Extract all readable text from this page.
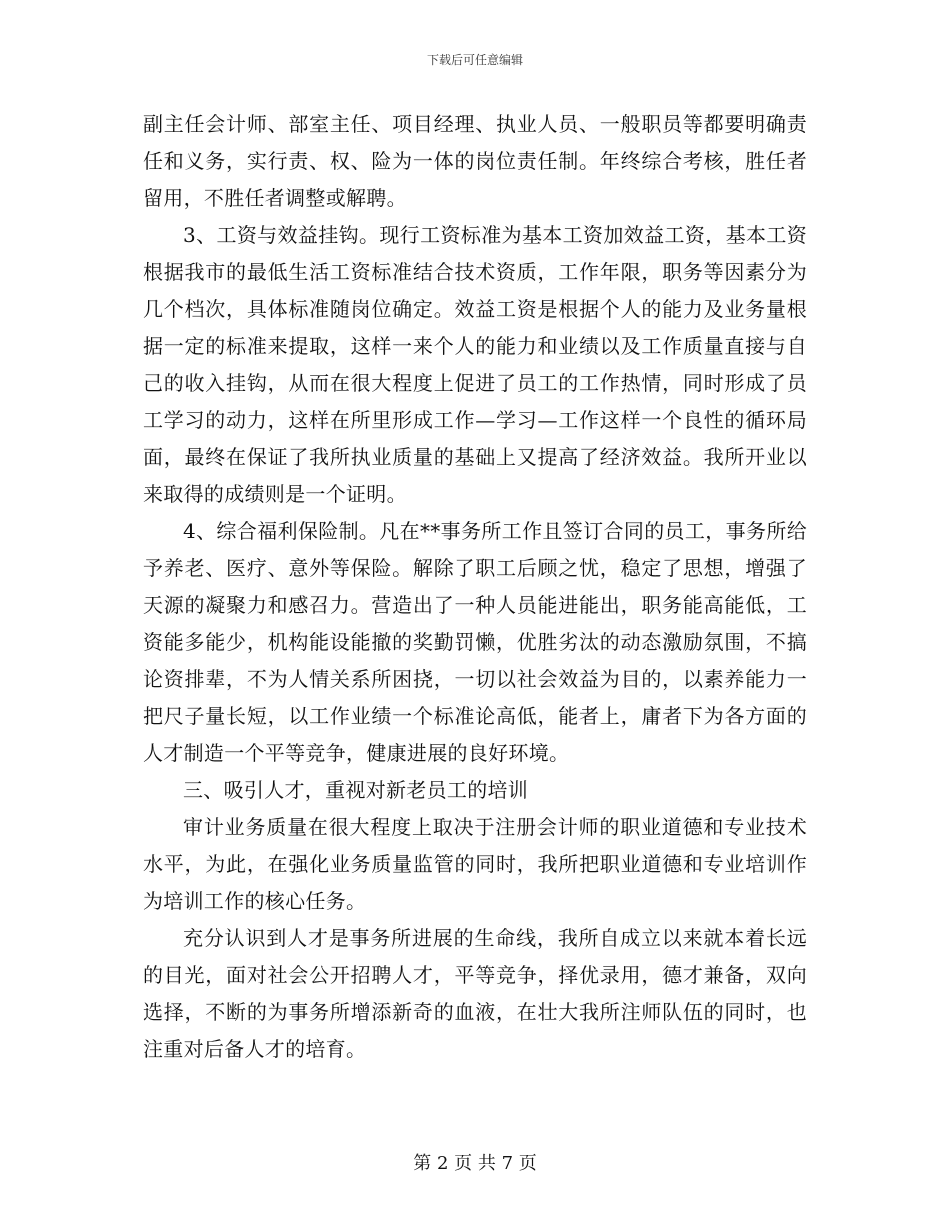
下载后可任意编辑

副主任会计师、部室主任、项目经理、执业人员、一般职员等都要明确责任和义务，实行责、权、险为一体的岗位责任制。年终综合考核，胜任者留用，不胜任者调整或解聘。

3、工资与效益挂钩。现行工资标准为基本工资加效益工资，基本工资根据我市的最低生活工资标准结合技术资质，工作年限，职务等因素分为几个档次，具体标准随岗位确定。效益工资是根据个人的能力及业务量根据一定的标准来提取，这样一来个人的能力和业绩以及工作质量直接与自己的收入挂钩，从而在很大程度上促进了员工的工作热情，同时形成了员工学习的动力，这样在所里形成工作—学习—工作这样一个良性的循环局面，最终在保证了我所执业质量的基础上又提高了经济效益。我所开业以来取得的成绩则是一个证明。

4、综合福利保险制。凡在**事务所工作且签订合同的员工，事务所给予养老、医疗、意外等保险。解除了职工后顾之忧，稳定了思想，增强了天源的凝聚力和感召力。营造出了一种人员能进能出，职务能高能低，工资能多能少，机构能设能撤的奖勤罚懒，优胜劣汰的动态激励氛围，不搞论资排辈，不为人情关系所困挠，一切以社会效益为目的，以素养能力一把尺子量长短，以工作业绩一个标准论高低，能者上，庸者下为各方面的人才制造一个平等竞争，健康进展的良好环境。

三、吸引人才，重视对新老员工的培训

审计业务质量在很大程度上取决于注册会计师的职业道德和专业技术水平，为此，在强化业务质量监管的同时，我所把职业道德和专业培训作为培训工作的核心任务。

充分认识到人才是事务所进展的生命线，我所自成立以来就本着长远的目光，面对社会公开招聘人才，平等竞争，择优录用，德才兼备，双向选择，不断的为事务所增添新奇的血液，在壮大我所注师队伍的同时，也注重对后备人才的培育。

第 2 页 共 7 页
